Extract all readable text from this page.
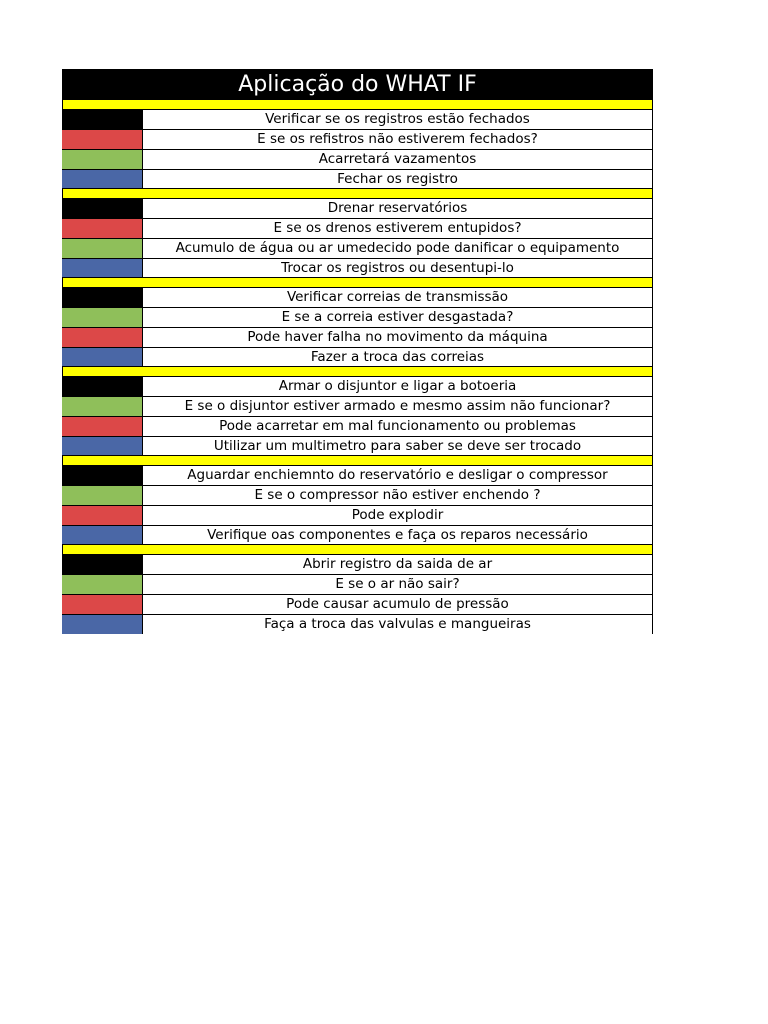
Aplicação do WHAT IF
Verificar se os registros estão fechados
E se os refistros não estiverem fechados?
Acarretará vazamentos
Fechar os registro
Drenar reservatórios
E se os drenos estiverem entupidos?
Acumulo de água ou ar umedecido pode danificar o equipamento
Trocar os registros ou desentupi-lo
Verificar correias de transmissão
E se a correia estiver desgastada?
Pode haver falha no movimento da máquina
Fazer a troca das correias
Armar o disjuntor e ligar a botoeria
E se o disjuntor estiver armado e mesmo assim não funcionar?
Pode acarretar em mal funcionamento ou problemas
Utilizar um multimetro para saber se deve ser trocado
Aguardar enchiemnto do reservatório e desligar o compressor
E se o compressor não estiver enchendo ?
Pode explodir
Verifique oas componentes e faça os reparos necessário
Abrir registro da saida de ar
E se o ar não sair?
Pode causar acumulo de pressão
Faça a troca das valvulas e mangueiras
